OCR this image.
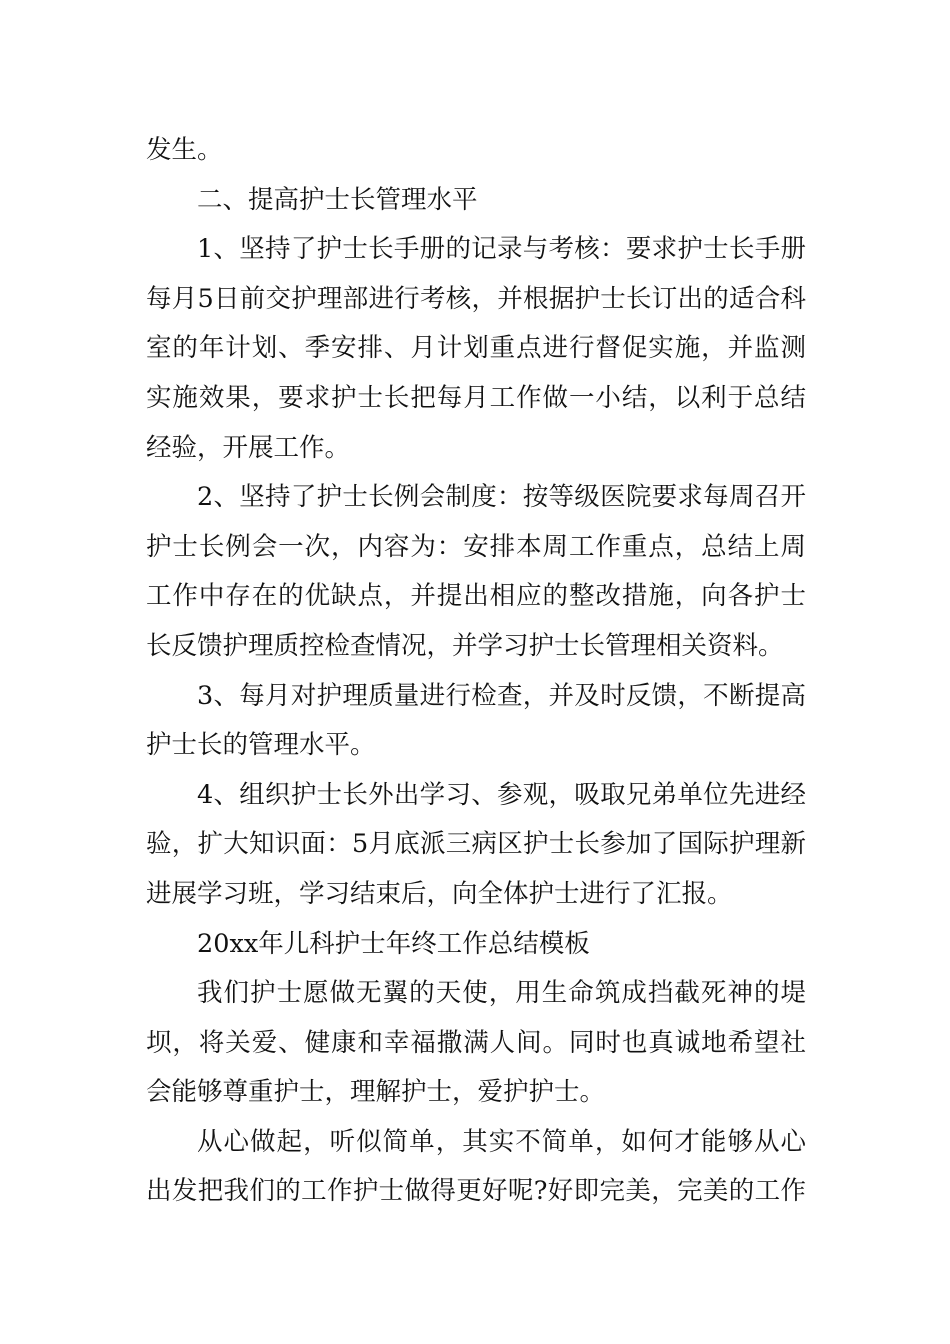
发生。
二、提高护士长管理水平
1、坚持了护士长手册的记录与考核：要求护士长手册
每月5日前交护理部进行考核，并根据护士长订出的适合科
室的年计划、季安排、月计划重点进行督促实施，并监测
实施效果，要求护士长把每月工作做一小结，以利于总结
经验，开展工作。
2、坚持了护士长例会制度：按等级医院要求每周召开
护士长例会一次，内容为：安排本周工作重点，总结上周
工作中存在的优缺点，并提出相应的整改措施，向各护士
长反馈护理质控检查情况，并学习护士长管理相关资料。
3、每月对护理质量进行检查，并及时反馈，不断提高
护士长的管理水平。
4、组织护士长外出学习、参观，吸取兄弟单位先进经
验，扩大知识面：5月底派三病区护士长参加了国际护理新
进展学习班，学习结束后，向全体护士进行了汇报。
20xx年儿科护士年终工作总结模板
我们护士愿做无翼的天使，用生命筑成挡截死神的堤
坝，将关爱、健康和幸福撒满人间。同时也真诚地希望社
会能够尊重护士，理解护士，爱护护士。
从心做起，听似简单，其实不简单，如何才能够从心
出发把我们的工作护士做得更好呢?好即完美，完美的工作
